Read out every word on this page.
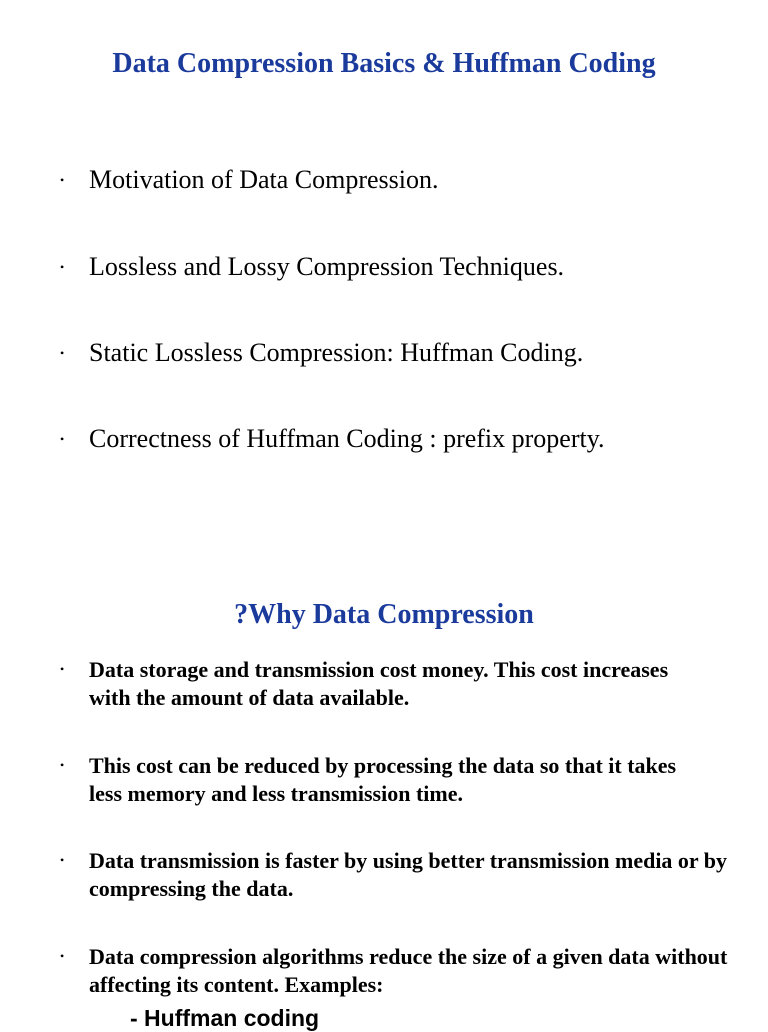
Data Compression Basics & Huffman Coding
• Motivation of Data Compression.
• Lossless and Lossy Compression Techniques.
• Static Lossless Compression: Huffman Coding.
• Correctness of Huffman Coding : prefix property.
?Why Data Compression
• Data storage and transmission cost money. This cost increases with the amount of data available.
• This cost can be reduced by processing the data so that it takes less memory and less transmission time.
• Data transmission is faster by using better transmission media or by compressing the data.
• Data compression algorithms reduce the size of a given data without affecting its content. Examples:
- Huffman coding
